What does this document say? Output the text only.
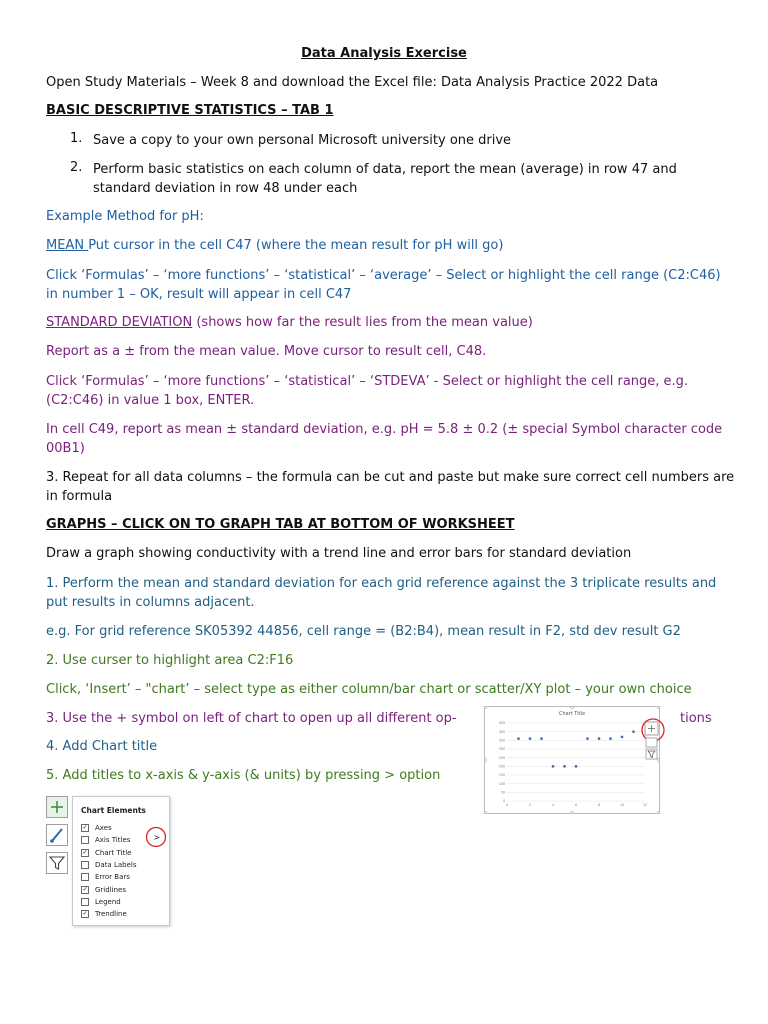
Data Analysis Exercise
Open Study Materials – Week 8 and download the Excel file: Data Analysis Practice 2022 Data
BASIC DESCRIPTIVE STATISTICS – TAB 1
1. Save a copy to your own personal Microsoft university one drive
2. Perform basic statistics on each column of data, report the mean (average) in row 47 and standard deviation in row 48 under each
Example Method for pH:
MEAN Put cursor in the cell C47 (where the mean result for pH will go)
Click ‘Formulas’ – ‘more functions’ – ‘statistical’ – ‘average’ – Select or highlight the cell range (C2:C46) in number 1 – OK, result will appear in cell C47
STANDARD DEVIATION (shows how far the result lies from the mean value)
Report as a ± from the mean value. Move cursor to result cell, C48.
Click ‘Formulas’ – ‘more functions’ – ‘statistical’ – ‘STDEVA’ - Select or highlight the cell range, e.g. (C2:C46) in value 1 box, ENTER.
In cell C49, report as mean ± standard deviation, e.g. pH = 5.8 ± 0.2 (± special Symbol character code 00B1)
3. Repeat for all data columns – the formula can be cut and paste but make sure correct cell numbers are in formula
GRAPHS – CLICK ON TO GRAPH TAB AT BOTTOM OF WORKSHEET
Draw a graph showing conductivity with a trend line and error bars for standard deviation
1. Perform the mean and standard deviation for each grid reference against the 3 triplicate results and put results in columns adjacent.
e.g. For grid reference SK05392 44856, cell range = (B2:B4), mean result in F2, std dev result G2
2. Use curser to highlight area C2:F16
Click, ‘Insert’ – "chart’ – select type as either column/bar chart or scatter/XY plot – your own choice
3. Use the + symbol on left of chart to open up all different op-	tions
4. Add Chart title
5. Add titles to x-axis & y-axis (& units) by pressing > option
Chart Title
0
50
100
150
200
250
300
350
400
450
0	2	4	6	8	10	12
Chart Elements
✓ Axes
Axis Titles
✓ Chart Title
Data Labels
Error Bars
✓ Gridlines
Legend
✓ Trendline
>
